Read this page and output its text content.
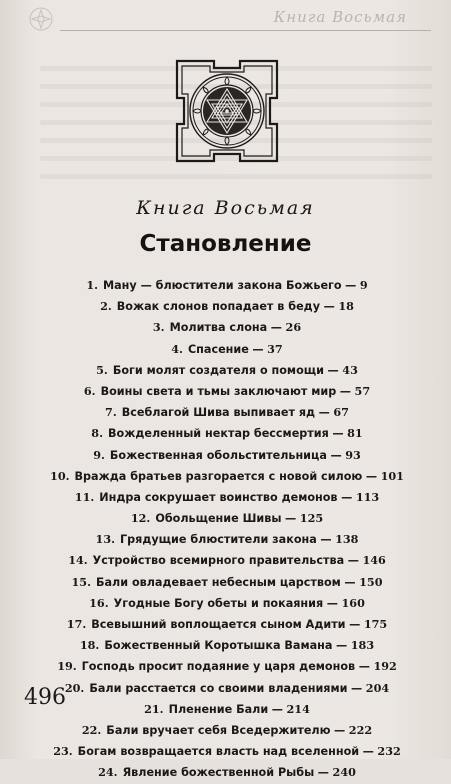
Книга Восьмая
Книга Восьмая
Становление
1. Ману — блюстители закона Божьего — 9
2. Вожак слонов попадает в беду — 18
3. Молитва слона — 26
4. Спасение — 37
5. Боги молят создателя о помощи — 43
6. Воины света и тьмы заключают мир — 57
7. Всеблагой Шива выпивает яд — 67
8. Вожделенный нектар бессмертия — 81
9. Божественная обольстительница — 93
10. Вражда братьев разгорается с новой силою — 101
11. Индра сокрушает воинство демонов — 113
12. Обольщение Шивы — 125
13. Грядущие блюстители закона — 138
14. Устройство всемирного правительства — 146
15. Бали овладевает небесным царством — 150
16. Угодные Богу обеты и покаяния — 160
17. Всевышний воплощается сыном Адити — 175
18. Божественный Коротышка Вамана — 183
19. Господь просит подаяние у царя демонов — 192
20. Бали расстается со своими владениями — 204
21. Пленение Бали — 214
22. Бали вручает себя Вседержителю — 222
23. Богам возвращается власть над вселенной — 232
24. Явление божественной Рыбы — 240
496
